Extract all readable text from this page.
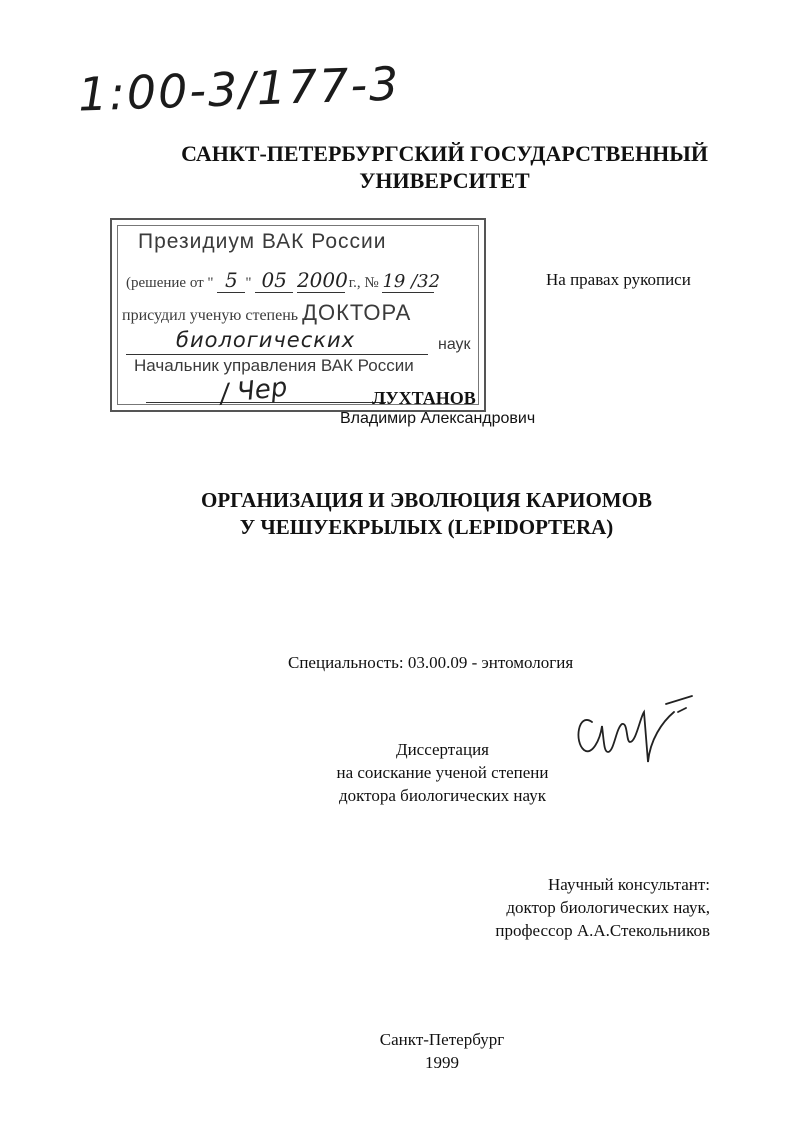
1:00-3/177-3
САНКТ-ПЕТЕРБУРГСКИЙ ГОСУДАРСТВЕННЫЙ
УНИВЕРСИТЕТ
Президиум ВАК России
(решение от " 5 " 05 2000 г., № 19 /32
присудил ученую степень ДОКТОРА
биологических	наук
Начальник управления ВАК России
/ Чер
На правах рукописи
ЛУХТАНОВ
Владимир Александрович
ОРГАНИЗАЦИЯ И ЭВОЛЮЦИЯ КАРИОМОВ
У ЧЕШУЕКРЫЛЫХ (LEPIDOPTERA)
Специальность: 03.00.09 - энтомология
Диссертация
на соискание ученой степени
доктора биологических наук
Научный консультант:
доктор биологических наук,
профессор А.А.Стекольников
Санкт-Петербург
1999
